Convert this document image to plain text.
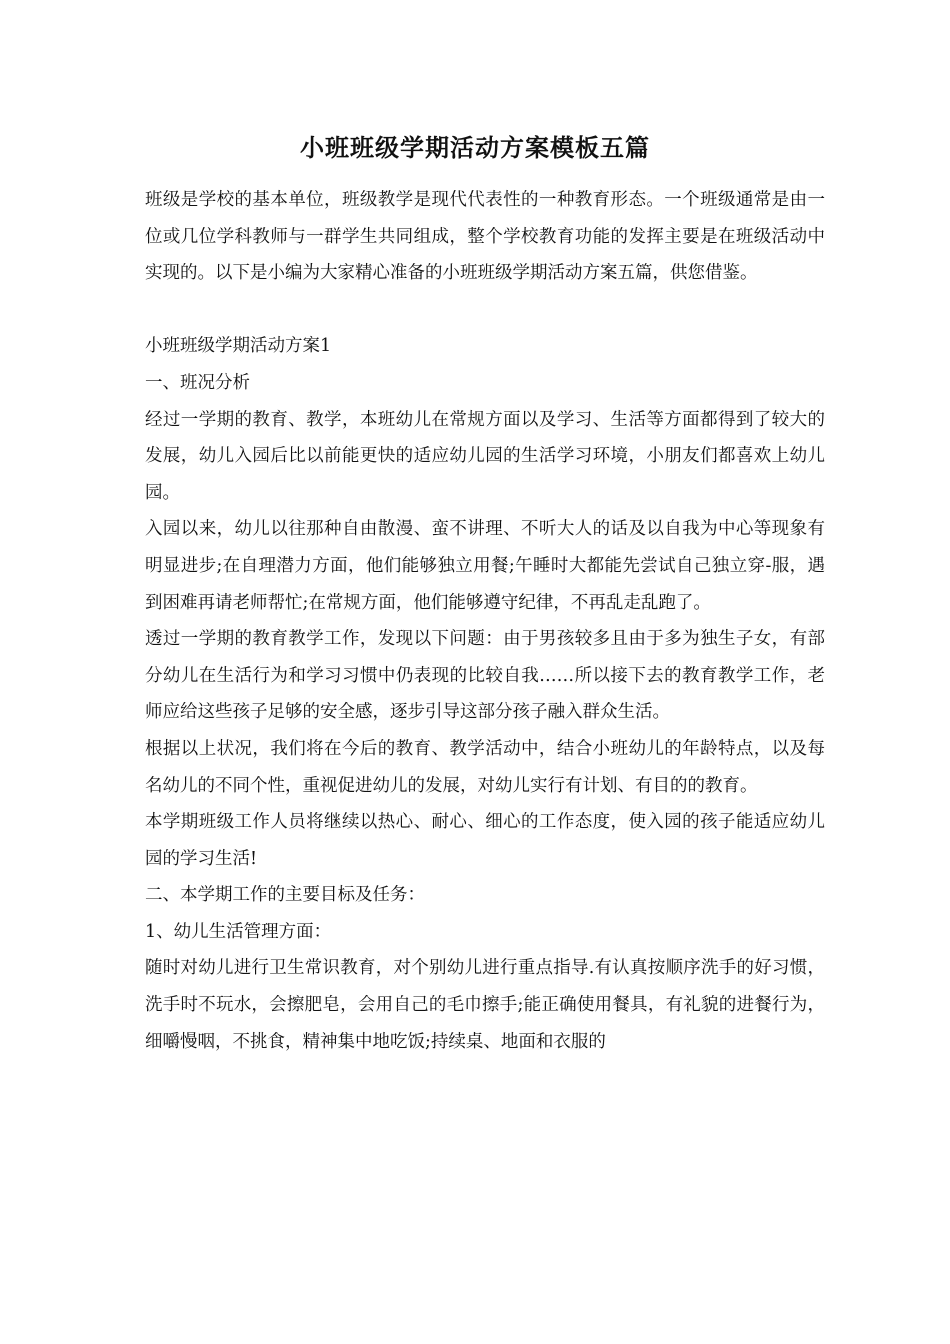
小班班级学期活动方案模板五篇

班级是学校的基本单位，班级教学是现代代表性的一种教育形态。一个班级通常是由一位或几位学科教师与一群学生共同组成，整个学校教育功能的发挥主要是在班级活动中实现的。以下是小编为大家精心准备的小班班级学期活动方案五篇，供您借鉴。

小班班级学期活动方案1

一、班况分析

经过一学期的教育、教学，本班幼儿在常规方面以及学习、生活等方面都得到了较大的发展，幼儿入园后比以前能更快的适应幼儿园的生活学习环境，小朋友们都喜欢上幼儿园。

入园以来，幼儿以往那种自由散漫、蛮不讲理、不听大人的话及以自我为中心等现象有明显进步;在自理潜力方面，他们能够独立用餐;午睡时大都能先尝试自己独立穿-服，遇到困难再请老师帮忙;在常规方面，他们能够遵守纪律，不再乱走乱跑了。

透过一学期的教育教学工作，发现以下问题：由于男孩较多且由于多为独生子女，有部分幼儿在生活行为和学习习惯中仍表现的比较自我……所以接下去的教育教学工作，老师应给这些孩子足够的安全感，逐步引导这部分孩子融入群众生活。

根据以上状况，我们将在今后的教育、教学活动中，结合小班幼儿的年龄特点，以及每名幼儿的不同个性，重视促进幼儿的发展，对幼儿实行有计划、有目的的教育。

本学期班级工作人员将继续以热心、耐心、细心的工作态度，使入园的孩子能适应幼儿园的学习生活!

二、本学期工作的主要目标及任务：

1、幼儿生活管理方面：

随时对幼儿进行卫生常识教育，对个别幼儿进行重点指导.有认真按顺序洗手的好习惯，洗手时不玩水，会擦肥皂，会用自己的毛巾擦手;能正确使用餐具，有礼貌的进餐行为，细嚼慢咽，不挑食，精神集中地吃饭;持续桌、地面和衣服的
